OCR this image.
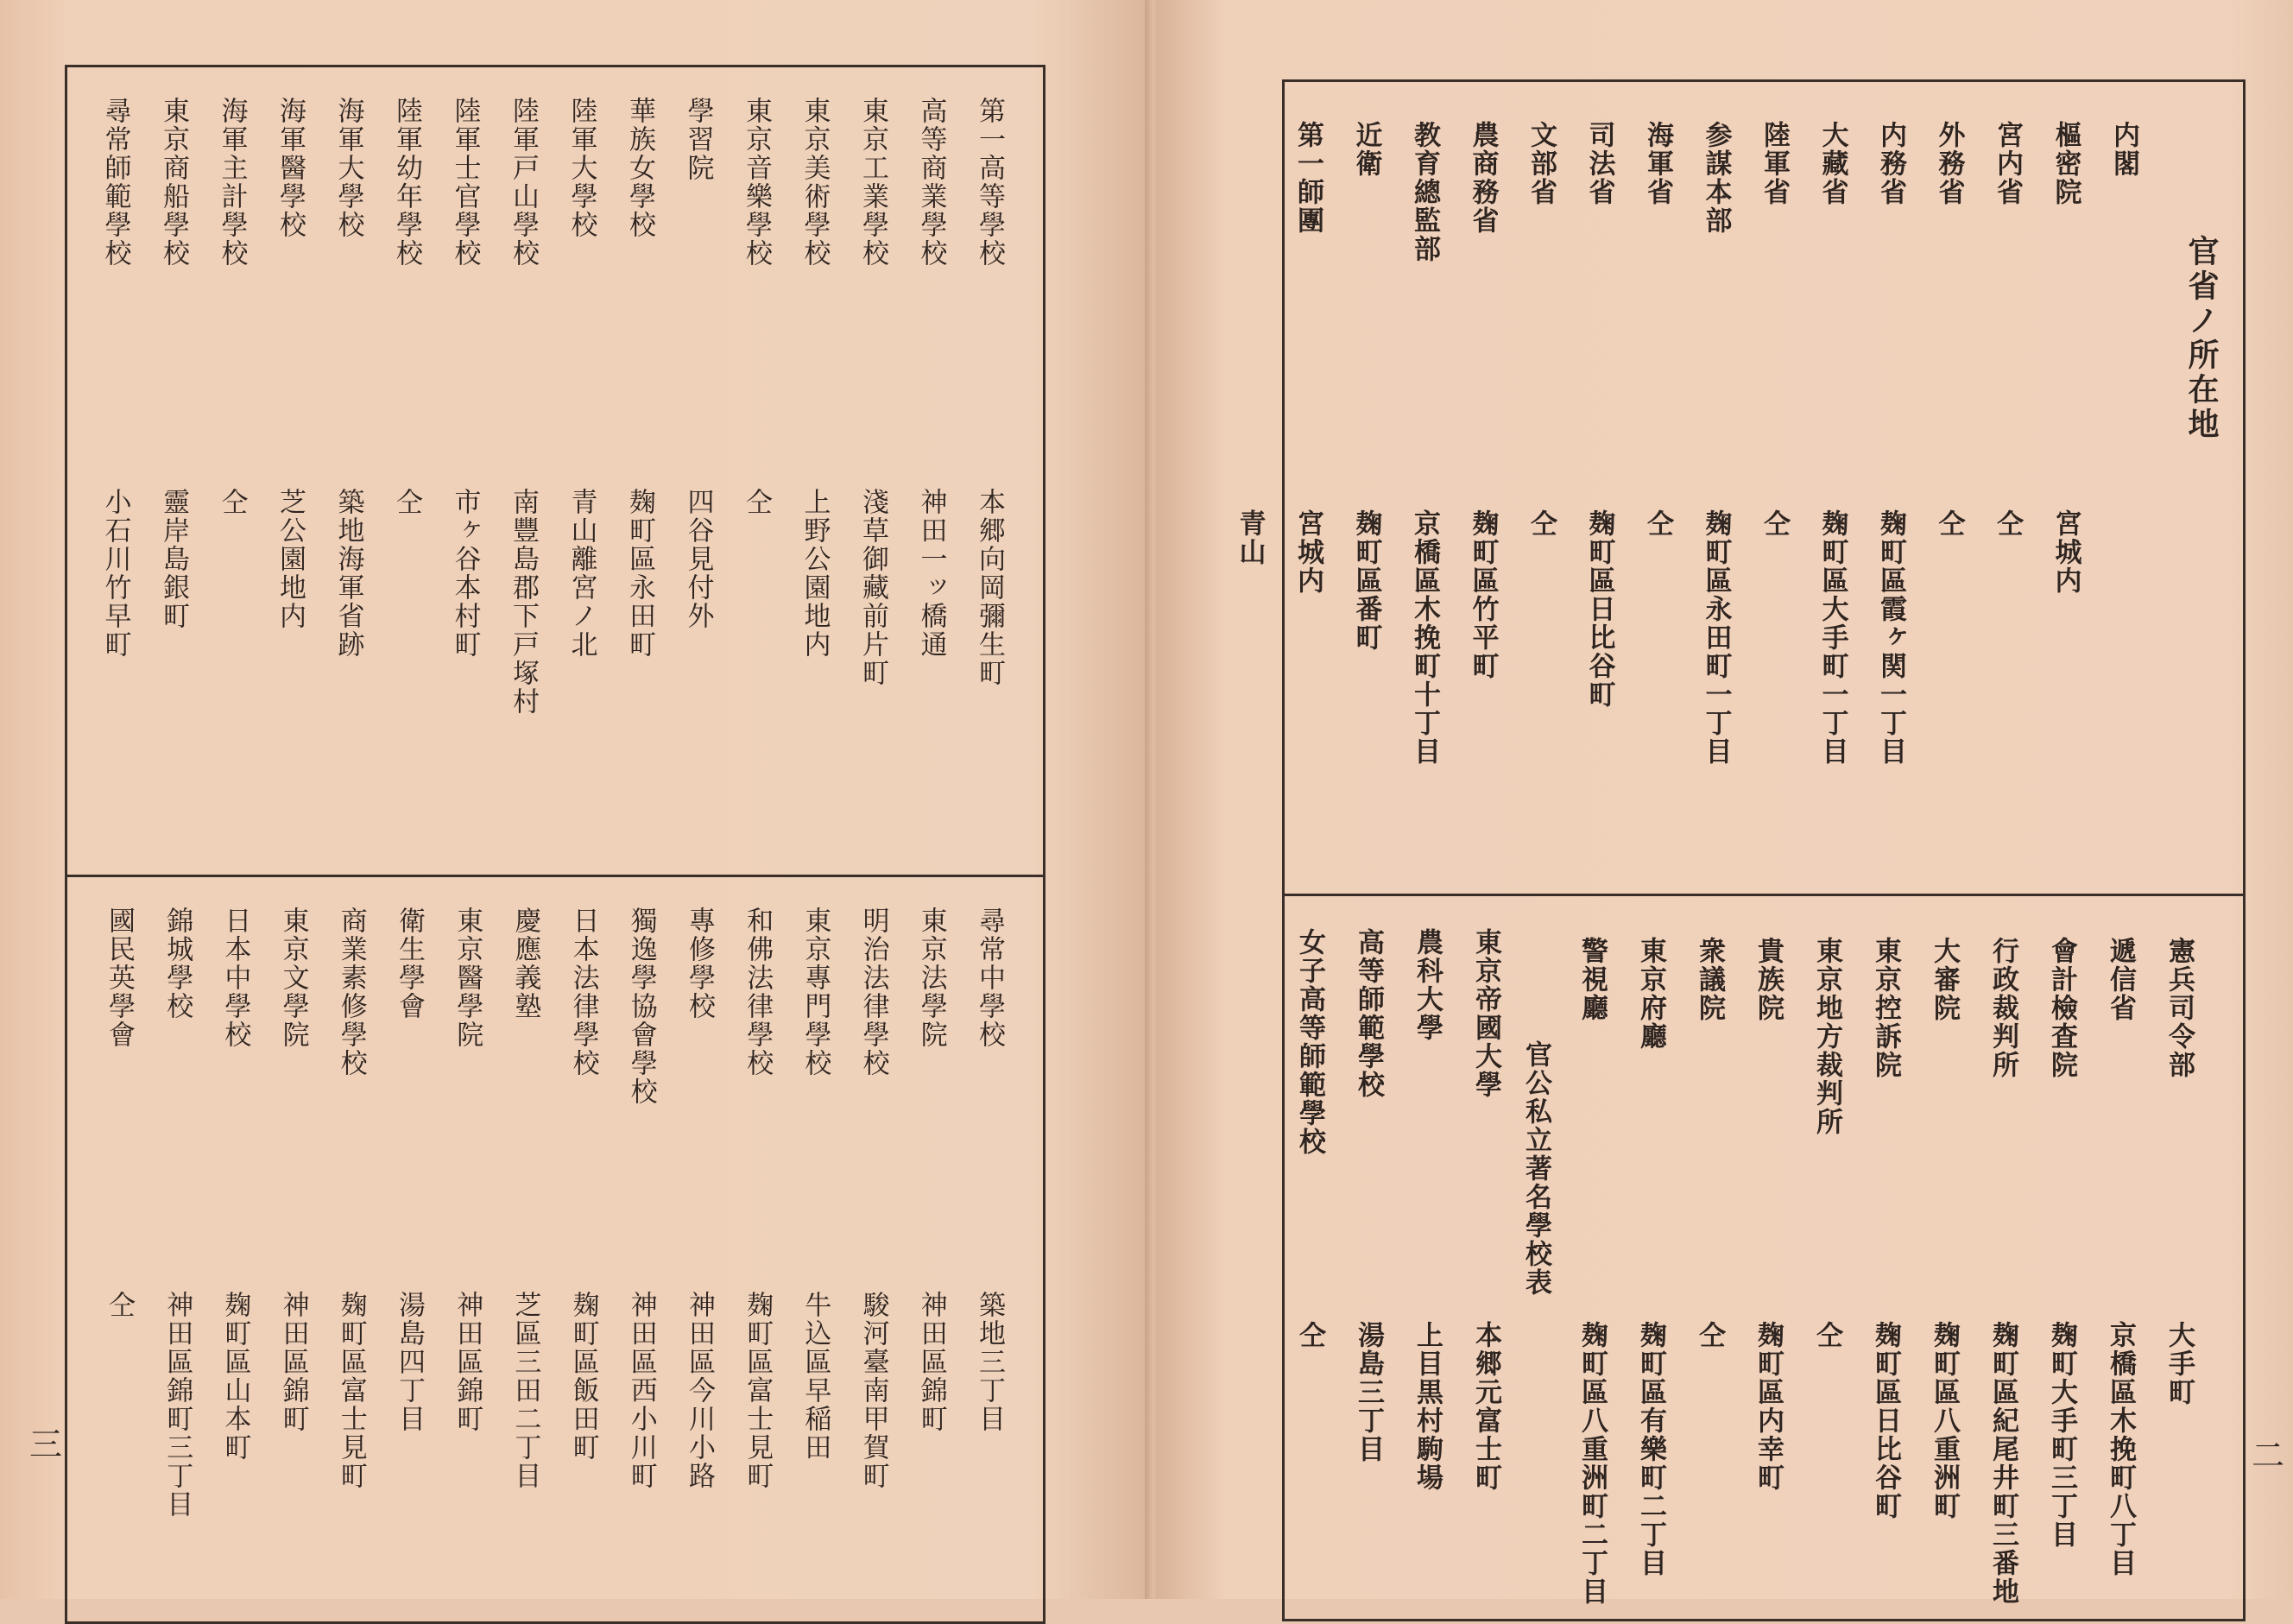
第一高等學校
本郷向岡彌生町
高等商業學校
神田一ッ橋通
東京工業學校
淺草御藏前片町
東京美術學校
上野公園地内
東京音樂學校
仝
學習院
四谷見付外
華族女學校
麹町區永田町
陸軍大學校
青山離宮ノ北
陸軍戸山學校
南豐島郡下戸塚村
陸軍士官學校
市ヶ谷本村町
陸軍幼年學校
仝
海軍大學校
築地海軍省跡
海軍醫學校
芝公園地内
海軍主計學校
仝
東京商船學校
靈岸島銀町
尋常師範學校
小石川竹早町
尋常中學校
築地三丁目
東京法學院
神田區錦町
明治法律學校
駿河臺南甲賀町
東京專門學校
牛込區早稲田
和佛法律學校
麹町區富士見町
專修學校
神田區今川小路
獨逸學協會學校
神田區西小川町
日本法律學校
麹町區飯田町
慶應義塾
芝區三田二丁目
東京醫學院
神田區錦町
衛生學會
湯島四丁目
商業素修學校
麹町區富士見町
東京文學院
神田區錦町
日本中學校
麹町區山本町
錦城學校
神田區錦町三丁目
國民英學會
仝
三
官省ノ所在地
内閣
樞密院
宮城内
宮内省
仝
外務省
仝
内務省
麹町區霞ヶ関一丁目
大藏省
麹町區大手町一丁目
陸軍省
仝
参謀本部
麹町區永田町一丁目
海軍省
仝
司法省
麹町區日比谷町
文部省
仝
農商務省
麹町區竹平町
教育總監部
京橋區木挽町十丁目
近衛
麹町區番町
第一師團
宮城内
青山
憲兵司令部
大手町
遞信省
京橋區木挽町八丁目
會計檢査院
麹町大手町三丁目
行政裁判所
麹町區紀尾井町三番地
大審院
麹町區八重洲町
東京控訴院
麹町區日比谷町
東京地方裁判所
仝
貴族院
麹町區内幸町
衆議院
仝
東京府廳
麹町區有樂町二丁目
警視廳
麹町區八重洲町二丁目
官公私立著名學校表
東京帝國大學
本郷元富士町
農科大學
上目黒村駒場
高等師範學校
湯島三丁目
女子高等師範學校
仝
二
